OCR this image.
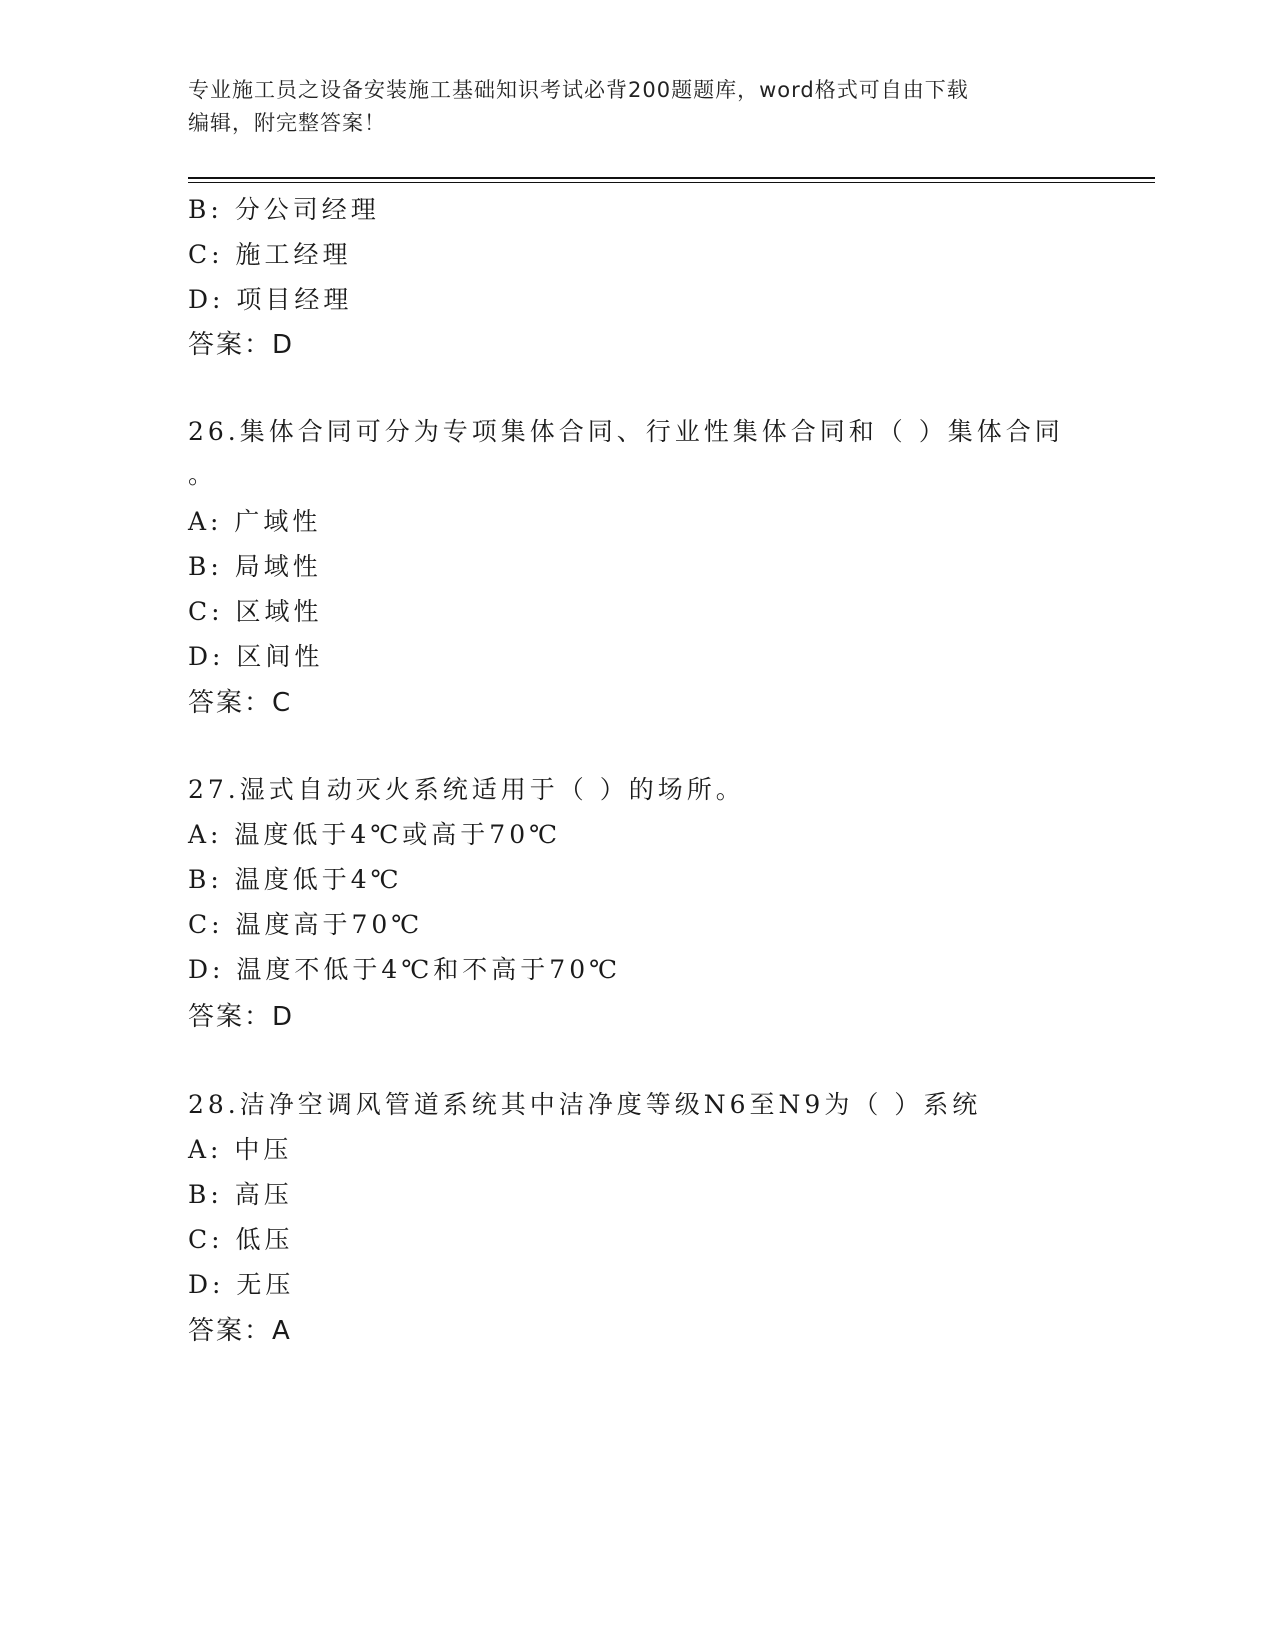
专业施工员之设备安装施工基础知识考试必背200题题库，word格式可自由下载
编辑，附完整答案！
B: 分公司经理
C: 施工经理
D: 项目经理
答案：D
26.集体合同可分为专项集体合同、行业性集体合同和（ ）集体合同
。
A: 广域性
B: 局域性
C: 区域性
D: 区间性
答案：C
27.湿式自动灭火系统适用于（ ）的场所。
A: 温度低于4℃或高于70℃
B: 温度低于4℃
C: 温度高于70℃
D: 温度不低于4℃和不高于70℃
答案：D
28.洁净空调风管道系统其中洁净度等级N6至N9为（ ）系统
A: 中压
B: 高压
C: 低压
D: 无压
答案：A
